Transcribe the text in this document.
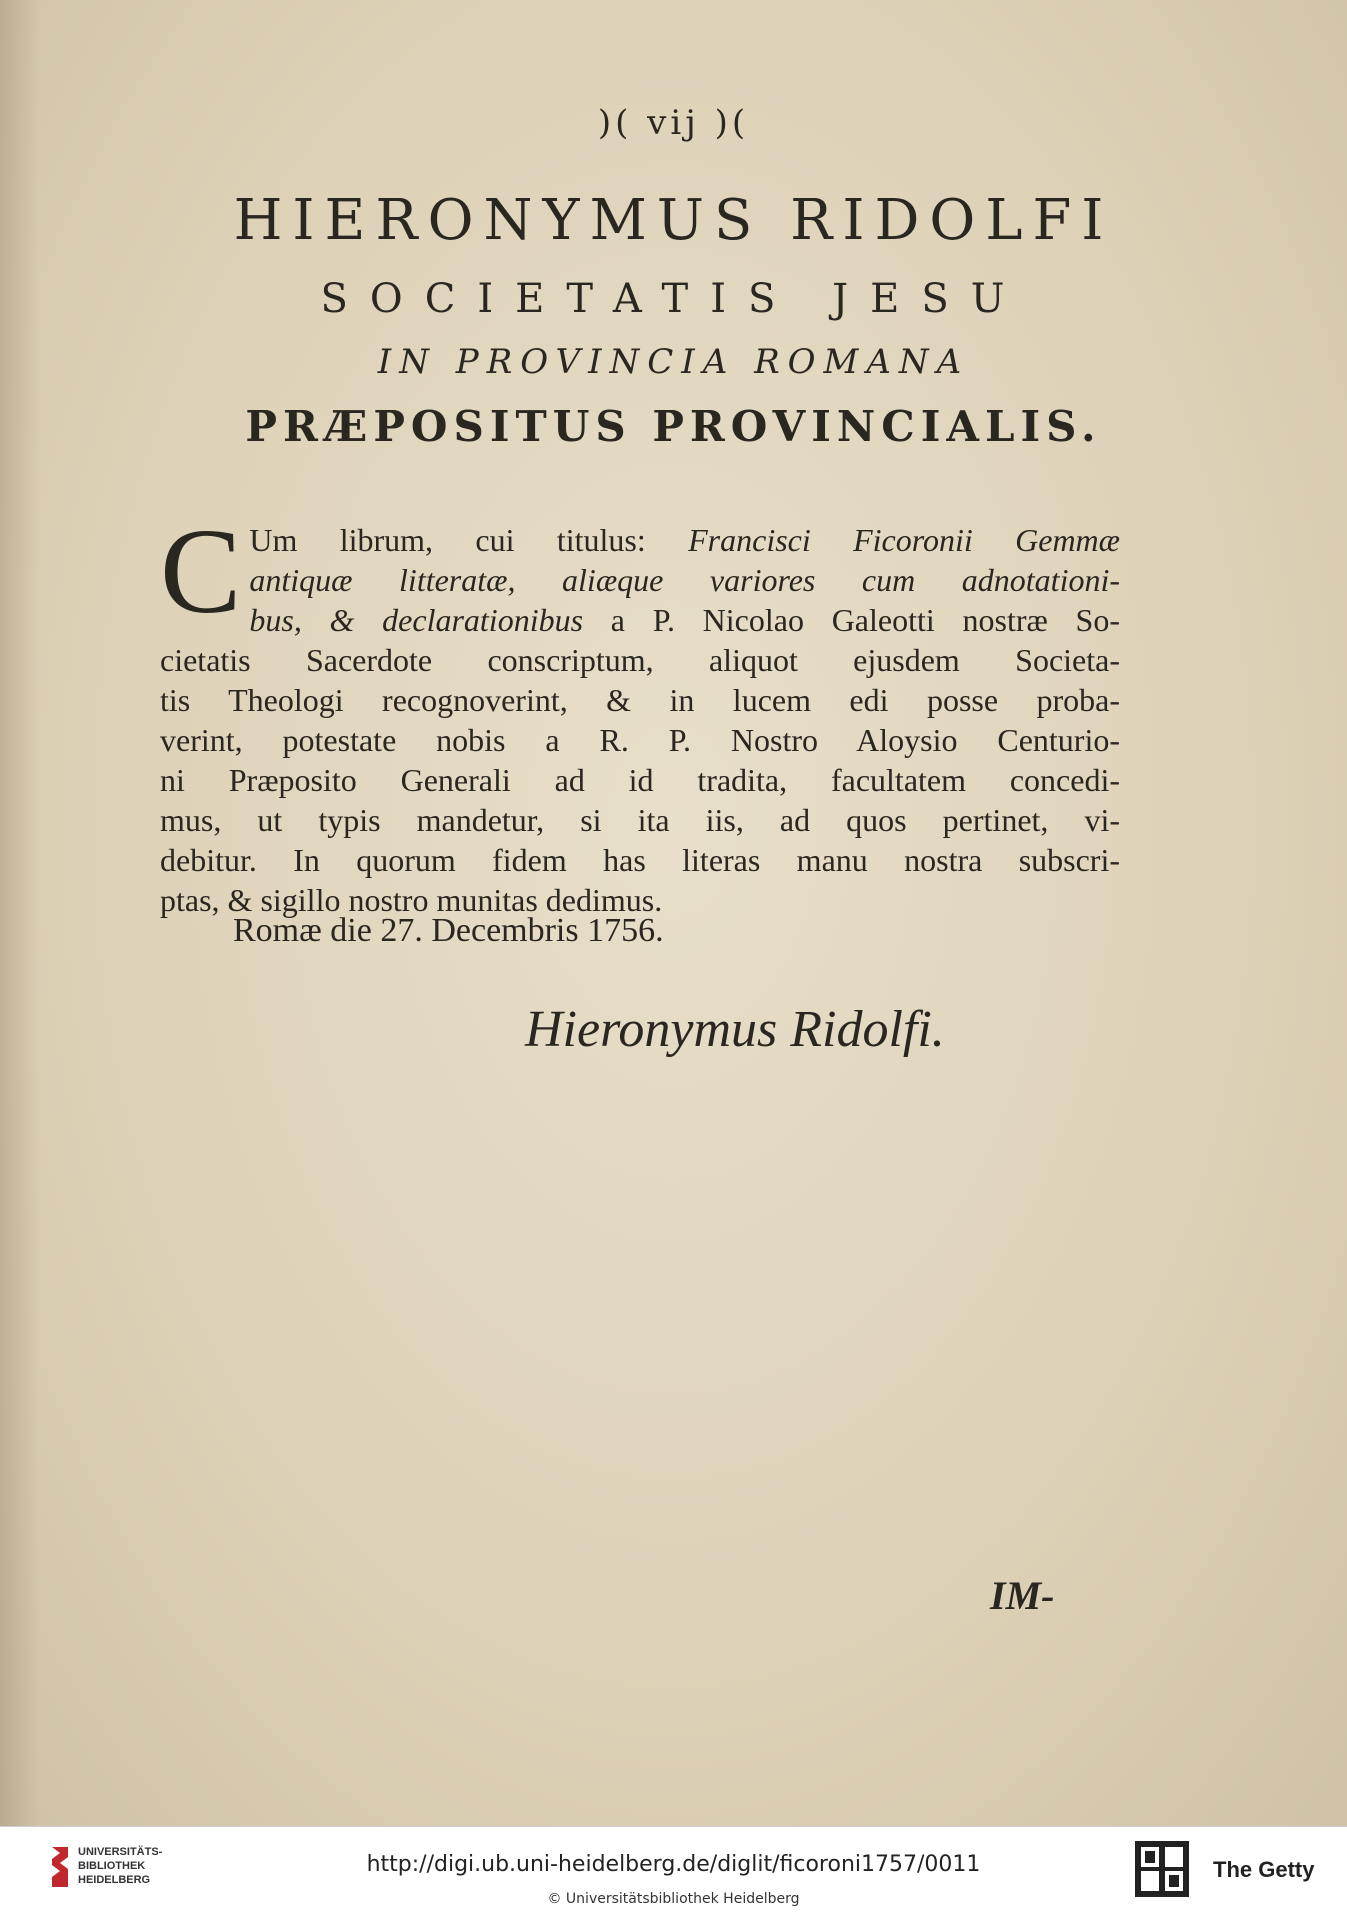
)( vij )(
HIERONYMUS RIDOLFI
SOCIETATIS JESU
IN PROVINCIA ROMANA
PRÆPOSITUS PROVINCIALIS.
C Um librum, cui titulus: Francisci Ficoronii Gemmæ
antiquæ litteratæ, aliæque variores cum adnotationi-
bus, & declarationibus a P. Nicolao Galeotti nostræ So-
cietatis Sacerdote conscriptum, aliquot ejusdem Societa-
tis Theologi recognoverint, & in lucem edi posse proba-
verint, potestate nobis a R. P. Nostro Aloysio Centurio-
ni Præposito Generali ad id tradita, facultatem concedi-
mus, ut typis mandetur, si ita iis, ad quos pertinet, vi-
debitur. In quorum fidem has literas manu nostra subscri-
ptas, & sigillo nostro munitas dedimus.
Romæ die 27. Decembris 1756.
Hieronymus Ridolfi.
IM-
UNIVERSITÄTS-BIBLIOTHEK HEIDELBERG
http://digi.ub.uni-heidelberg.de/diglit/ficoroni1757/0011
© Universitätsbibliothek Heidelberg
The Getty
